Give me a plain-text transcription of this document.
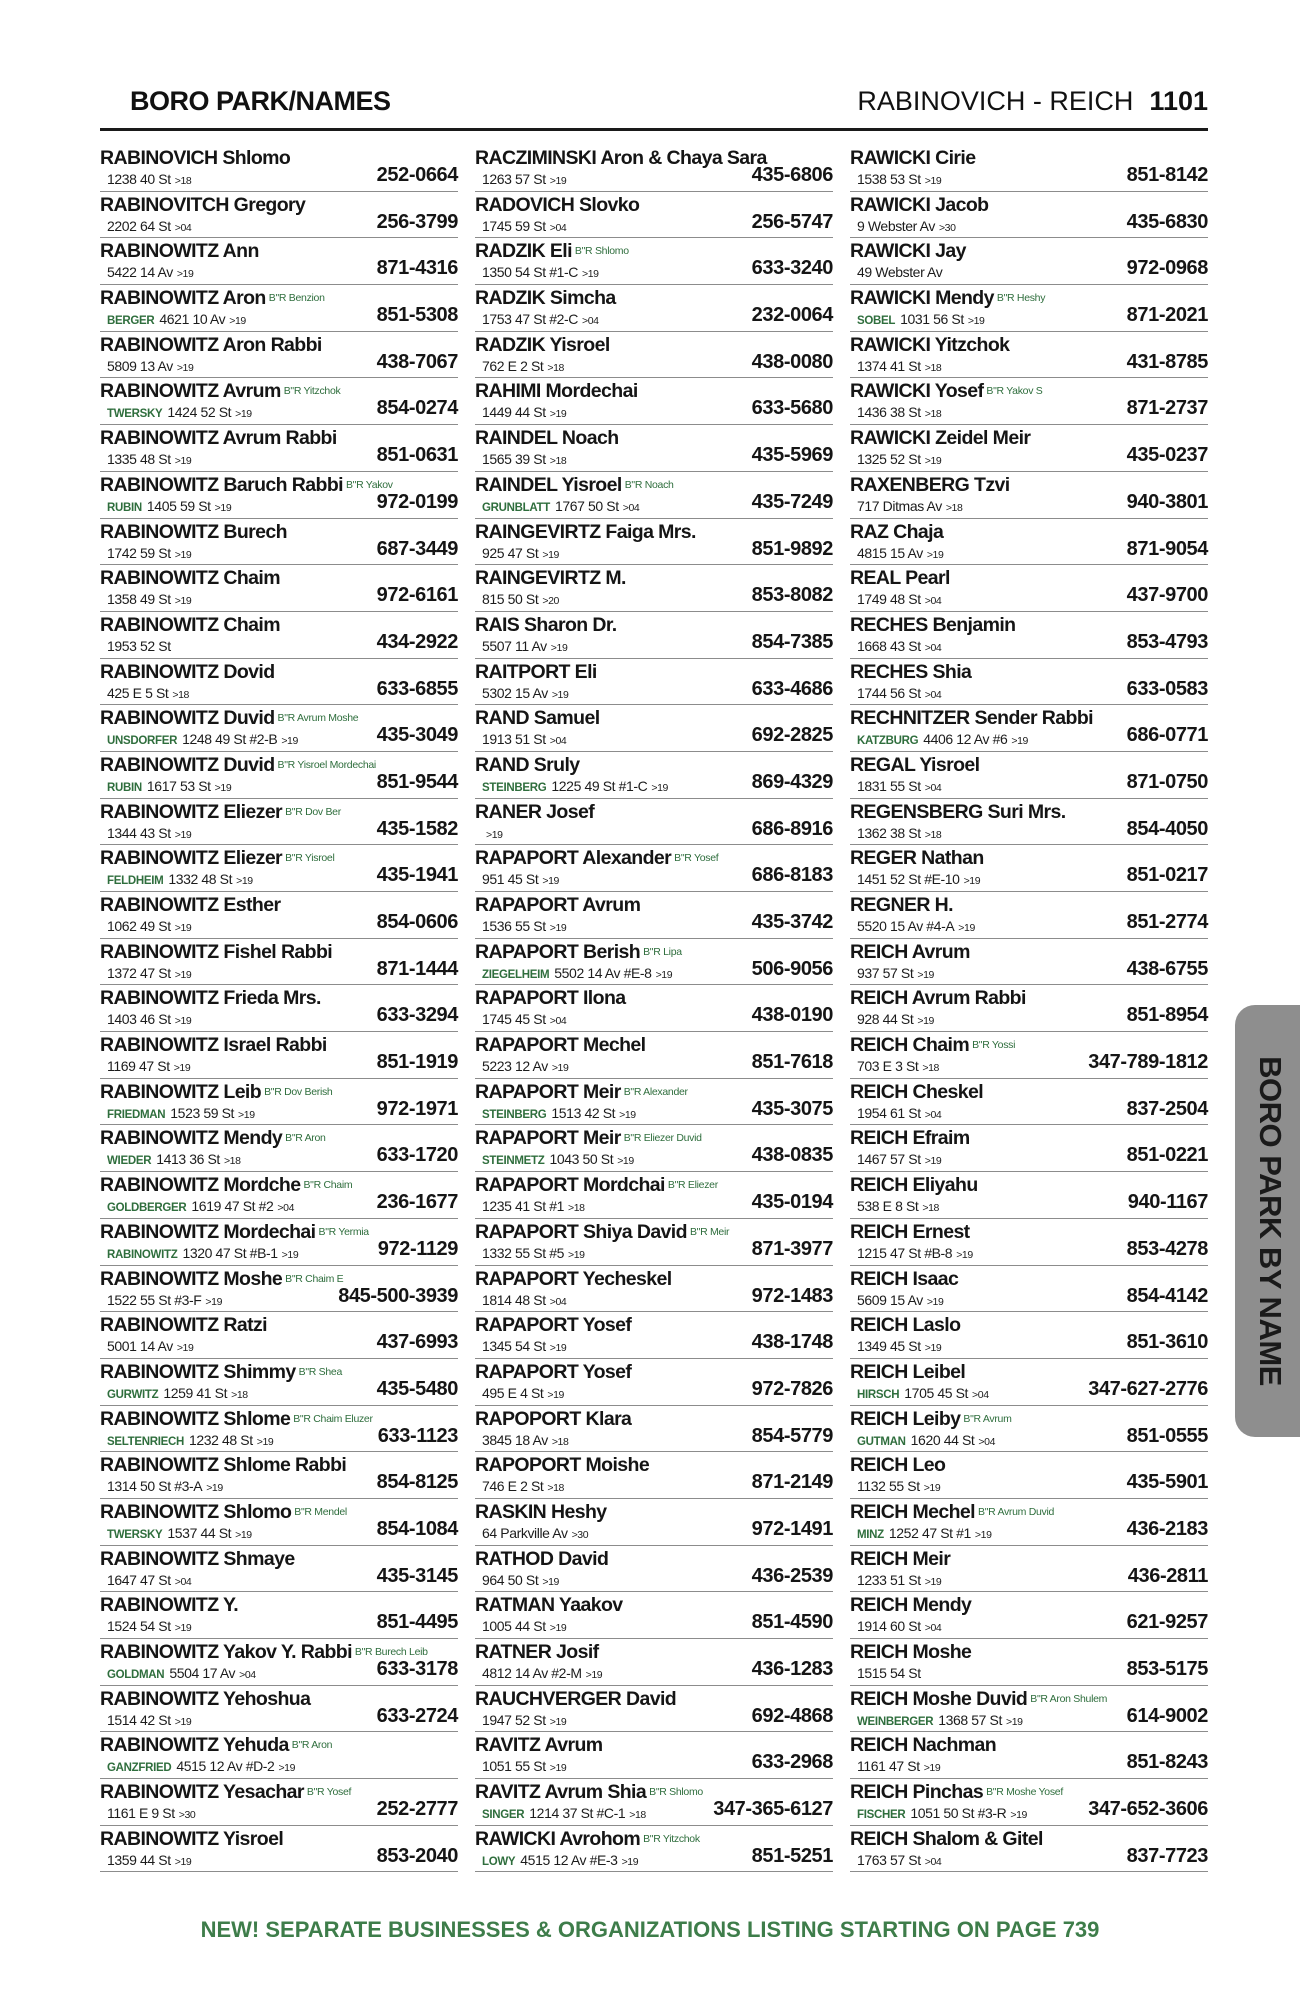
BORO PARK/NAMES	RABINOVICH - REICH 1101
RABINOVICH Shlomo
1238 40 St >18	252-0664
RABINOVITCH Gregory
2202 64 St >04	256-3799
RABINOWITZ Ann
5422 14 Av >19	871-4316
RABINOWITZ Aron B"R Benzion
BERGER 4621 10 Av >19	851-5308
RABINOWITZ Aron Rabbi
5809 13 Av >19	438-7067
RABINOWITZ Avrum B"R Yitzchok
TWERSKY 1424 52 St >19	854-0274
RABINOWITZ Avrum Rabbi
1335 48 St >19	851-0631
RABINOWITZ Baruch Rabbi B"R Yakov
RUBIN 1405 59 St >19	972-0199
RABINOWITZ Burech
1742 59 St >19	687-3449
RABINOWITZ Chaim
1358 49 St >19	972-6161
RABINOWITZ Chaim
1953 52 St	434-2922
RABINOWITZ Dovid
425 E 5 St >18	633-6855
RABINOWITZ Duvid B"R Avrum Moshe
UNSDORFER 1248 49 St #2-B >19	435-3049
RABINOWITZ Duvid B"R Yisroel Mordechai
RUBIN 1617 53 St >19	851-9544
RABINOWITZ Eliezer B"R Dov Ber
1344 43 St >19	435-1582
RABINOWITZ Eliezer B"R Yisroel
FELDHEIM 1332 48 St >19	435-1941
RABINOWITZ Esther
1062 49 St >19	854-0606
RABINOWITZ Fishel Rabbi
1372 47 St >19	871-1444
RABINOWITZ Frieda Mrs.
1403 46 St >19	633-3294
RABINOWITZ Israel Rabbi
1169 47 St >19	851-1919
RABINOWITZ Leib B"R Dov Berish
FRIEDMAN 1523 59 St >19	972-1971
RABINOWITZ Mendy B"R Aron
WIEDER 1413 36 St >18	633-1720
RABINOWITZ Mordche B"R Chaim
GOLDBERGER 1619 47 St #2 >04	236-1677
RABINOWITZ Mordechai B"R Yermia
RABINOWITZ 1320 47 St #B-1 >19	972-1129
RABINOWITZ Moshe B"R Chaim E
1522 55 St #3-F >19	845-500-3939
RABINOWITZ Ratzi
5001 14 Av >19	437-6993
RABINOWITZ Shimmy B"R Shea
GURWITZ 1259 41 St >18	435-5480
RABINOWITZ Shlome B"R Chaim Eluzer
SELTENRIECH 1232 48 St >19	633-1123
RABINOWITZ Shlome Rabbi
1314 50 St #3-A >19	854-8125
RABINOWITZ Shlomo B"R Mendel
TWERSKY 1537 44 St >19	854-1084
RABINOWITZ Shmaye
1647 47 St >04	435-3145
RABINOWITZ Y.
1524 54 St >19	851-4495
RABINOWITZ Yakov Y. Rabbi B"R Burech Leib
GOLDMAN 5504 17 Av >04	633-3178
RABINOWITZ Yehoshua
1514 42 St >19	633-2724
RABINOWITZ Yehuda B"R Aron
GANZFRIED 4515 12 Av #D-2 >19
RABINOWITZ Yesachar B"R Yosef
1161 E 9 St >30	252-2777
RABINOWITZ Yisroel
1359 44 St >19	853-2040
RACZIMINSKI Aron & Chaya Sara
1263 57 St >19	435-6806
RADOVICH Slovko
1745 59 St >04	256-5747
RADZIK Eli B"R Shlomo
1350 54 St #1-C >19	633-3240
RADZIK Simcha
1753 47 St #2-C >04	232-0064
RADZIK Yisroel
762 E 2 St >18	438-0080
RAHIMI Mordechai
1449 44 St >19	633-5680
RAINDEL Noach
1565 39 St >18	435-5969
RAINDEL Yisroel B"R Noach
GRUNBLATT 1767 50 St >04	435-7249
RAINGEVIRTZ Faiga Mrs.
925 47 St >19	851-9892
RAINGEVIRTZ M.
815 50 St >20	853-8082
RAIS Sharon Dr.
5507 11 Av >19	854-7385
RAITPORT Eli
5302 15 Av >19	633-4686
RAND Samuel
1913 51 St >04	692-2825
RAND Sruly
STEINBERG 1225 49 St #1-C >19	869-4329
RANER Josef
>19	686-8916
RAPAPORT Alexander B"R Yosef
951 45 St >19	686-8183
RAPAPORT Avrum
1536 55 St >19	435-3742
RAPAPORT Berish B"R Lipa
ZIEGELHEIM 5502 14 Av #E-8 >19	506-9056
RAPAPORT Ilona
1745 45 St >04	438-0190
RAPAPORT Mechel
5223 12 Av >19	851-7618
RAPAPORT Meir B"R Alexander
STEINBERG 1513 42 St >19	435-3075
RAPAPORT Meir B"R Eliezer Duvid
STEINMETZ 1043 50 St >19	438-0835
RAPAPORT Mordchai B"R Eliezer
1235 41 St #1 >18	435-0194
RAPAPORT Shiya David B"R Meir
1332 55 St #5 >19	871-3977
RAPAPORT Yecheskel
1814 48 St >04	972-1483
RAPAPORT Yosef
1345 54 St >19	438-1748
RAPAPORT Yosef
495 E 4 St >19	972-7826
RAPOPORT Klara
3845 18 Av >18	854-5779
RAPOPORT Moishe
746 E 2 St >18	871-2149
RASKIN Heshy
64 Parkville Av >30	972-1491
RATHOD David
964 50 St >19	436-2539
RATMAN Yaakov
1005 44 St >19	851-4590
RATNER Josif
4812 14 Av #2-M >19	436-1283
RAUCHVERGER David
1947 52 St >19	692-4868
RAVITZ Avrum
1051 55 St >19	633-2968
RAVITZ Avrum Shia B"R Shlomo
SINGER 1214 37 St #C-1 >18	347-365-6127
RAWICKI Avrohom B"R Yitzchok
LOWY 4515 12 Av #E-3 >19	851-5251
RAWICKI Cirie
1538 53 St >19	851-8142
RAWICKI Jacob
9 Webster Av >30	435-6830
RAWICKI Jay
49 Webster Av	972-0968
RAWICKI Mendy B"R Heshy
SOBEL 1031 56 St >19	871-2021
RAWICKI Yitzchok
1374 41 St >18	431-8785
RAWICKI Yosef B"R Yakov S
1436 38 St >18	871-2737
RAWICKI Zeidel Meir
1325 52 St >19	435-0237
RAXENBERG Tzvi
717 Ditmas Av >18	940-3801
RAZ Chaja
4815 15 Av >19	871-9054
REAL Pearl
1749 48 St >04	437-9700
RECHES Benjamin
1668 43 St >04	853-4793
RECHES Shia
1744 56 St >04	633-0583
RECHNITZER Sender Rabbi
KATZBURG 4406 12 Av #6 >19	686-0771
REGAL Yisroel
1831 55 St >04	871-0750
REGENSBERG Suri Mrs.
1362 38 St >18	854-4050
REGER Nathan
1451 52 St #E-10 >19	851-0217
REGNER H.
5520 15 Av #4-A >19	851-2774
REICH Avrum
937 57 St >19	438-6755
REICH Avrum Rabbi
928 44 St >19	851-8954
REICH Chaim B"R Yossi
703 E 3 St >18	347-789-1812
REICH Cheskel
1954 61 St >04	837-2504
REICH Efraim
1467 57 St >19	851-0221
REICH Eliyahu
538 E 8 St >18	940-1167
REICH Ernest
1215 47 St #B-8 >19	853-4278
REICH Isaac
5609 15 Av >19	854-4142
REICH Laslo
1349 45 St >19	851-3610
REICH Leibel
HIRSCH 1705 45 St >04	347-627-2776
REICH Leiby B"R Avrum
GUTMAN 1620 44 St >04	851-0555
REICH Leo
1132 55 St >19	435-5901
REICH Mechel B"R Avrum Duvid
MINZ 1252 47 St #1 >19	436-2183
REICH Meir
1233 51 St >19	436-2811
REICH Mendy
1914 60 St >04	621-9257
REICH Moshe
1515 54 St	853-5175
REICH Moshe Duvid B"R Aron Shulem
WEINBERGER 1368 57 St >19	614-9002
REICH Nachman
1161 47 St >19	851-8243
REICH Pinchas B"R Moshe Yosef
FISCHER 1051 50 St #3-R >19	347-652-3606
REICH Shalom & Gitel
1763 57 St >04	837-7723
BORO PARK BY NAME
NEW! SEPARATE BUSINESSES & ORGANIZATIONS LISTING STARTING ON PAGE 739
